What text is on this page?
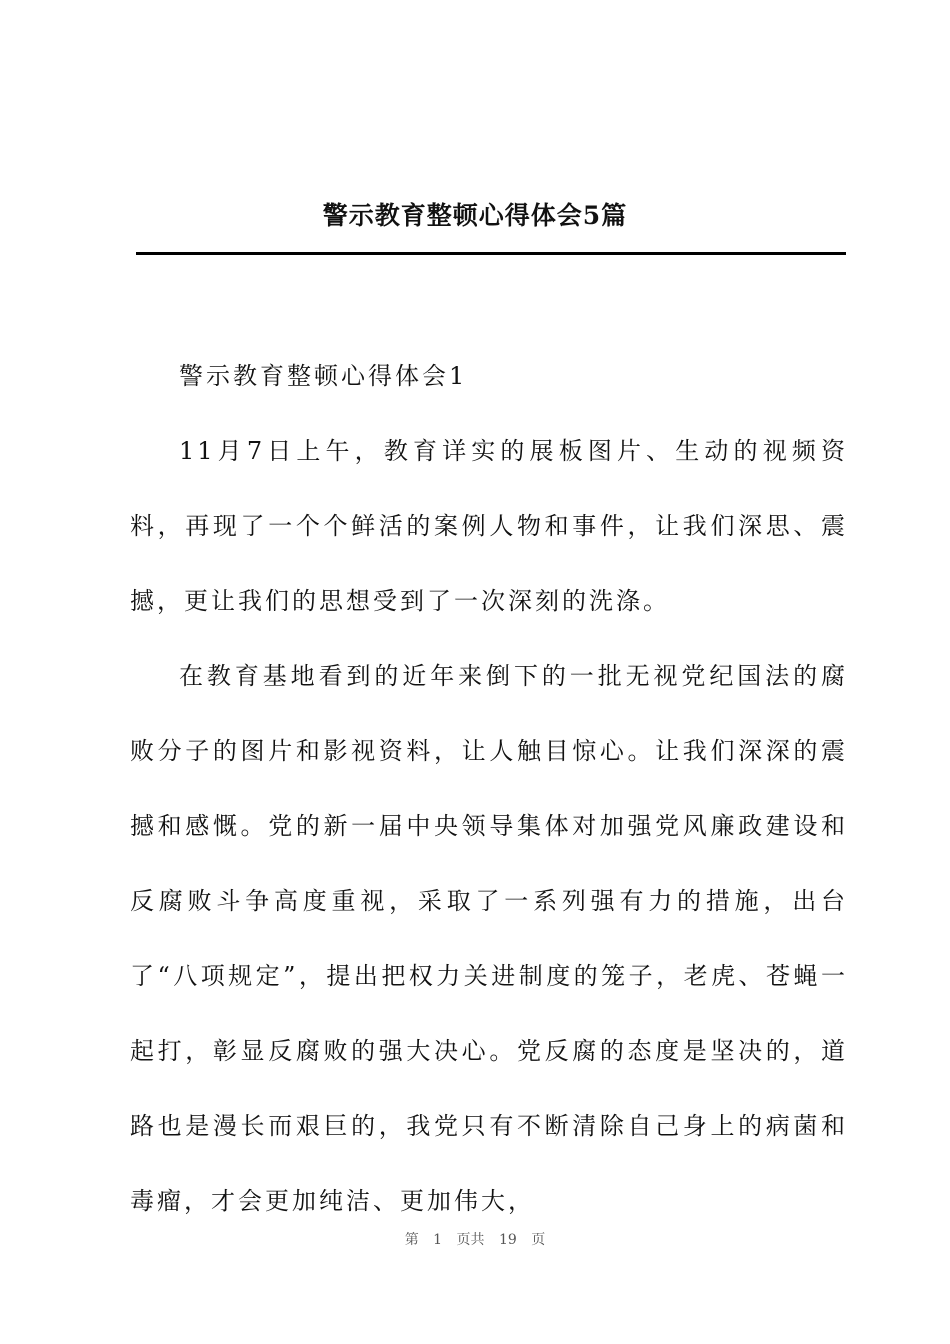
警示教育整顿心得体会5篇

警示教育整顿心得体会1

11月7日上午，教育详实的展板图片、生动的视频资料，再现了一个个鲜活的案例人物和事件，让我们深思、震撼，更让我们的思想受到了一次深刻的洗涤。

在教育基地看到的近年来倒下的一批无视党纪国法的腐败分子的图片和影视资料，让人触目惊心。让我们深深的震撼和感慨。党的新一届中央领导集体对加强党风廉政建设和反腐败斗争高度重视，采取了一系列强有力的措施，出台了“八项规定”，提出把权力关进制度的笼子，老虎、苍蝇一起打，彰显反腐败的强大决心。党反腐的态度是坚决的，道路也是漫长而艰巨的，我党只有不断清除自己身上的病菌和毒瘤，才会更加纯洁、更加伟大，

第 1 页共 19 页
